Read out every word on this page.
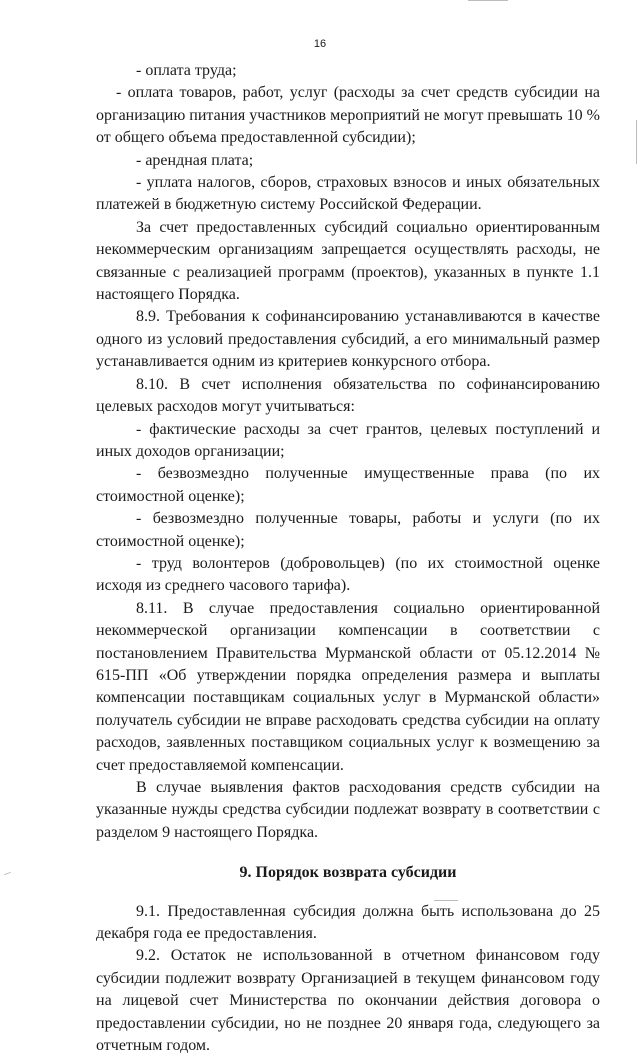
16

- оплата труда;

- оплата товаров, работ, услуг (расходы за счет средств субсидии на организацию питания участников мероприятий не могут превышать 10 % от общего объема предоставленной субсидии);

- арендная плата;

- уплата налогов, сборов, страховых взносов и иных обязательных платежей в бюджетную систему Российской Федерации.

За счет предоставленных субсидий социально ориентированным некоммерческим организациям запрещается осуществлять расходы, не связанные с реализацией программ (проектов), указанных в пункте 1.1 настоящего Порядка.

8.9. Требования к софинансированию устанавливаются в качестве одного из условий предоставления субсидий, а его минимальный размер устанавливается одним из критериев конкурсного отбора.

8.10. В счет исполнения обязательства по софинансированию целевых расходов могут учитываться:

- фактические расходы за счет грантов, целевых поступлений и иных доходов организации;

- безвозмездно полученные имущественные права (по их стоимостной оценке);

- безвозмездно полученные товары, работы и услуги (по их стоимостной оценке);

- труд волонтеров (добровольцев) (по их стоимостной оценке исходя из среднего часового тарифа).

8.11. В случае предоставления социально ориентированной некоммерческой организации компенсации в соответствии с постановлением Правительства Мурманской области от 05.12.2014 № 615-ПП «Об утверждении порядка определения размера и выплаты компенсации поставщикам социальных услуг в Мурманской области» получатель субсидии не вправе расходовать средства субсидии на оплату расходов, заявленных поставщиком социальных услуг к возмещению за счет предоставляемой компенсации.

В случае выявления фактов расходования средств субсидии на указанные нужды средства субсидии подлежат возврату в соответствии с разделом 9 настоящего Порядка.

9. Порядок возврата субсидии

9.1. Предоставленная субсидия должна быть использована до 25 декабря года ее предоставления.

9.2. Остаток не использованной в отчетном финансовом году субсидии подлежит возврату Организацией в текущем финансовом году на лицевой счет Министерства по окончании действия договора о предоставлении субсидии, но не позднее 20 января года, следующего за отчетным годом.
